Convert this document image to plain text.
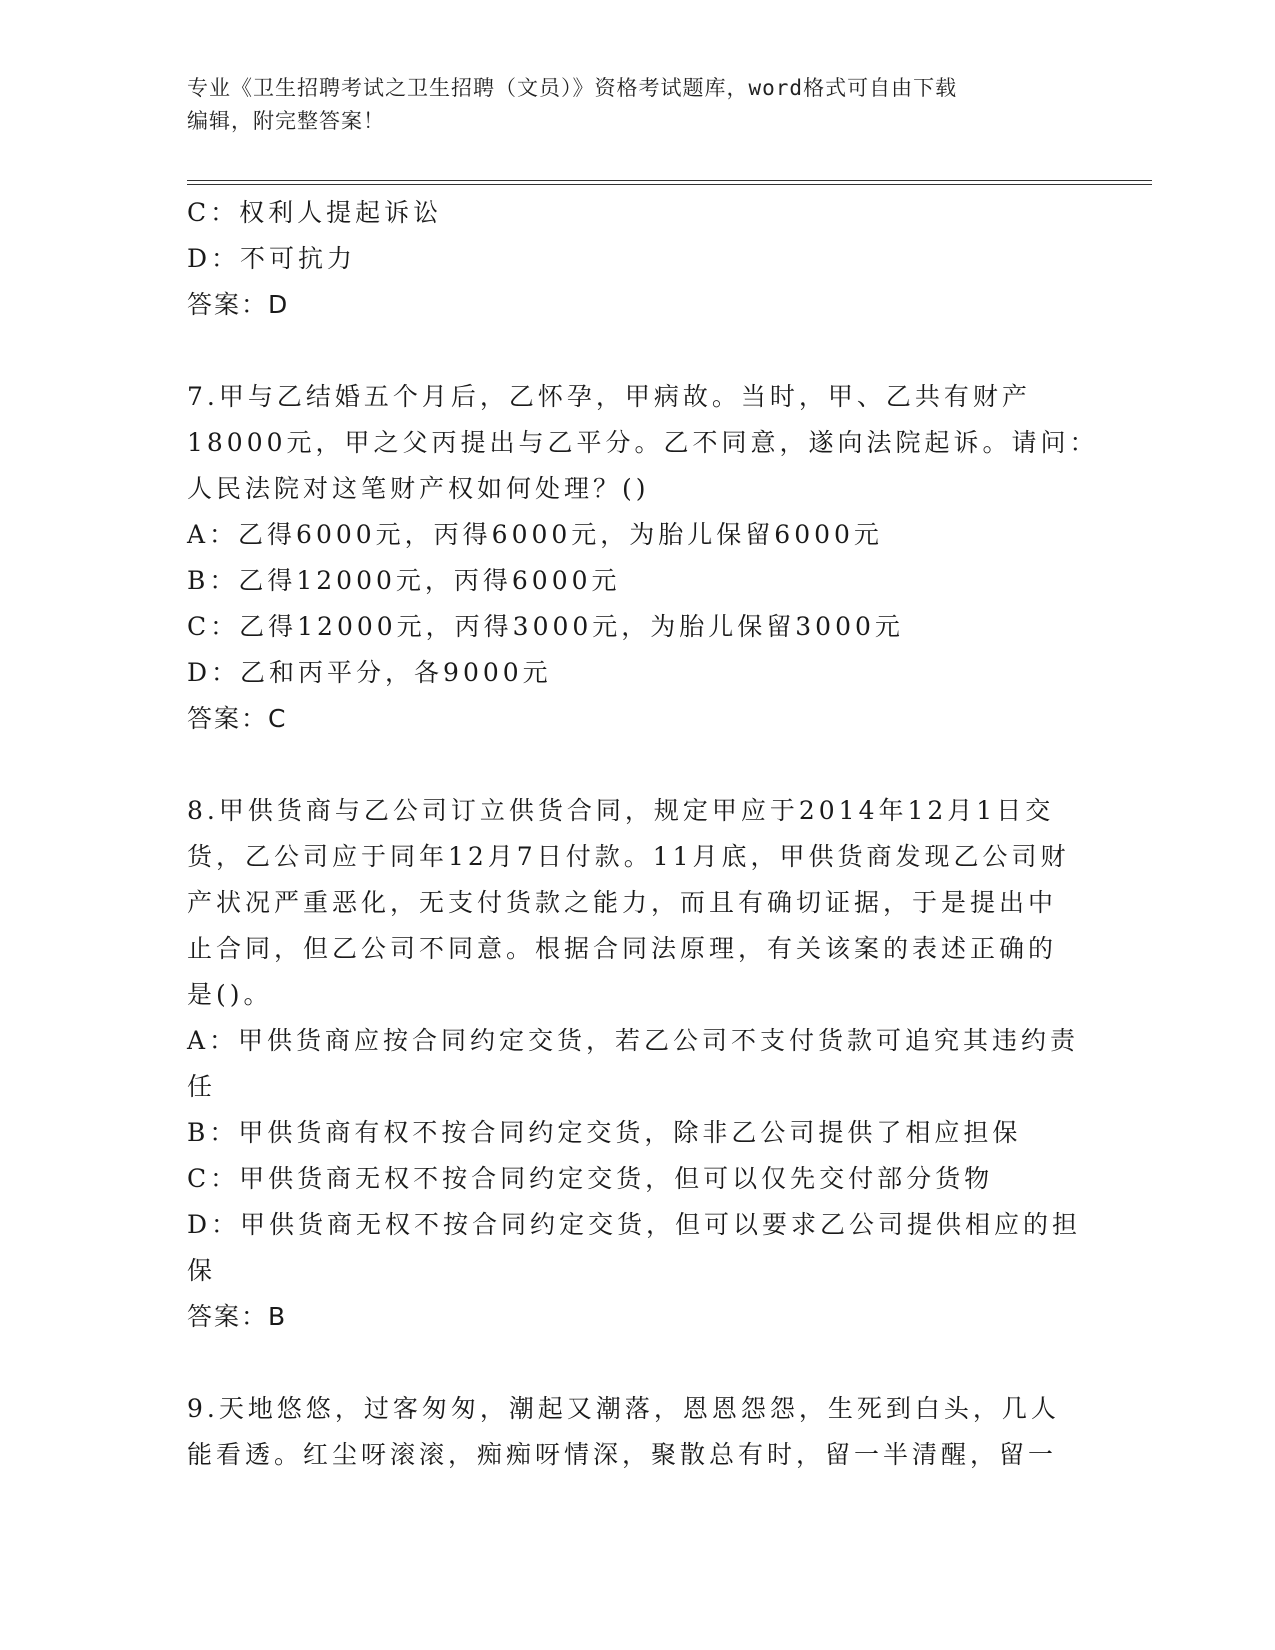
专业《卫生招聘考试之卫生招聘（文员）》资格考试题库，word格式可自由下载
编辑，附完整答案！
C：权利人提起诉讼
D：不可抗力
答案：D
7.甲与乙结婚五个月后，乙怀孕，甲病故。当时，甲、乙共有财产
18000元，甲之父丙提出与乙平分。乙不同意，遂向法院起诉。请问：
人民法院对这笔财产权如何处理？()
A：乙得6000元，丙得6000元，为胎儿保留6000元
B：乙得12000元，丙得6000元
C：乙得12000元，丙得3000元，为胎儿保留3000元
D：乙和丙平分，各9000元
答案：C
8.甲供货商与乙公司订立供货合同，规定甲应于2014年12月1日交
货，乙公司应于同年12月7日付款。11月底，甲供货商发现乙公司财
产状况严重恶化，无支付货款之能力，而且有确切证据，于是提出中
止合同，但乙公司不同意。根据合同法原理，有关该案的表述正确的
是()。
A：甲供货商应按合同约定交货，若乙公司不支付货款可追究其违约责
任
B：甲供货商有权不按合同约定交货，除非乙公司提供了相应担保
C：甲供货商无权不按合同约定交货，但可以仅先交付部分货物
D：甲供货商无权不按合同约定交货，但可以要求乙公司提供相应的担
保
答案：B
9.天地悠悠，过客匆匆，潮起又潮落，恩恩怨怨，生死到白头，几人
能看透。红尘呀滚滚，痴痴呀情深，聚散总有时，留一半清醒，留一
